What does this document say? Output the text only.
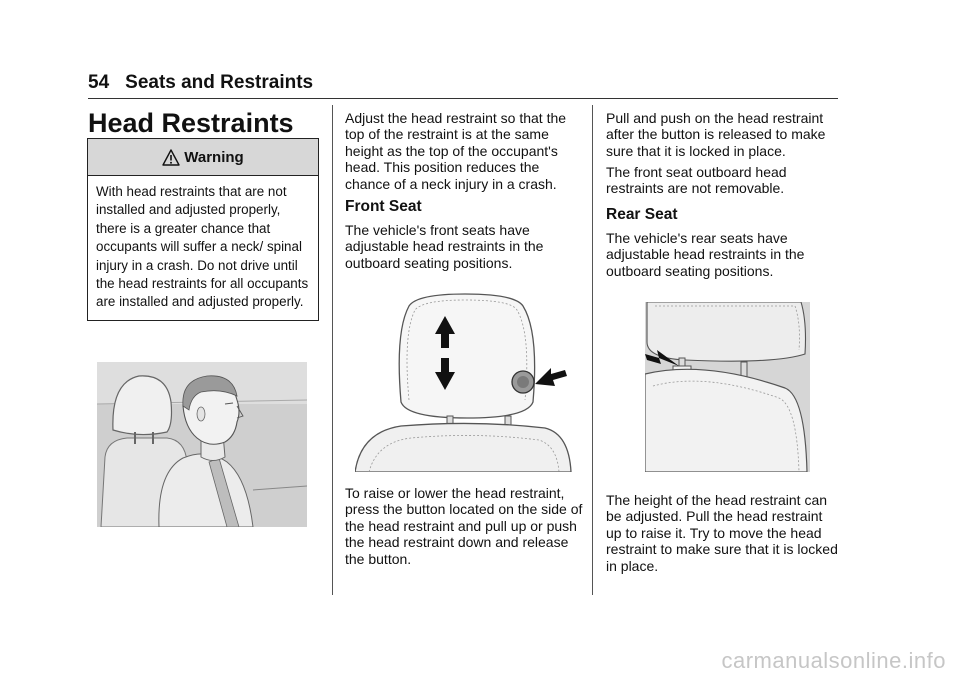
54 Seats and Restraints
Head Restraints
Warning
With head restraints that are not installed and adjusted properly, there is a greater chance that occupants will suffer a neck/ spinal injury in a crash. Do not drive until the head restraints for all occupants are installed and adjusted properly.

Adjust the head restraint so that the top of the restraint is at the same height as the top of the occupant's head. This position reduces the chance of a neck injury in a crash.

Front Seat

The vehicle's front seats have adjustable head restraints in the outboard seating positions.

To raise or lower the head restraint, press the button located on the side of the head restraint and pull up or push the head restraint down and release the button.

Pull and push on the head restraint after the button is released to make sure that it is locked in place.

The front seat outboard head restraints are not removable.

Rear Seat

The vehicle's rear seats have adjustable head restraints in the outboard seating positions.

The height of the head restraint can be adjusted. Pull the head restraint up to raise it. Try to move the head restraint to make sure that it is locked in place.

carmanualsonline.info
